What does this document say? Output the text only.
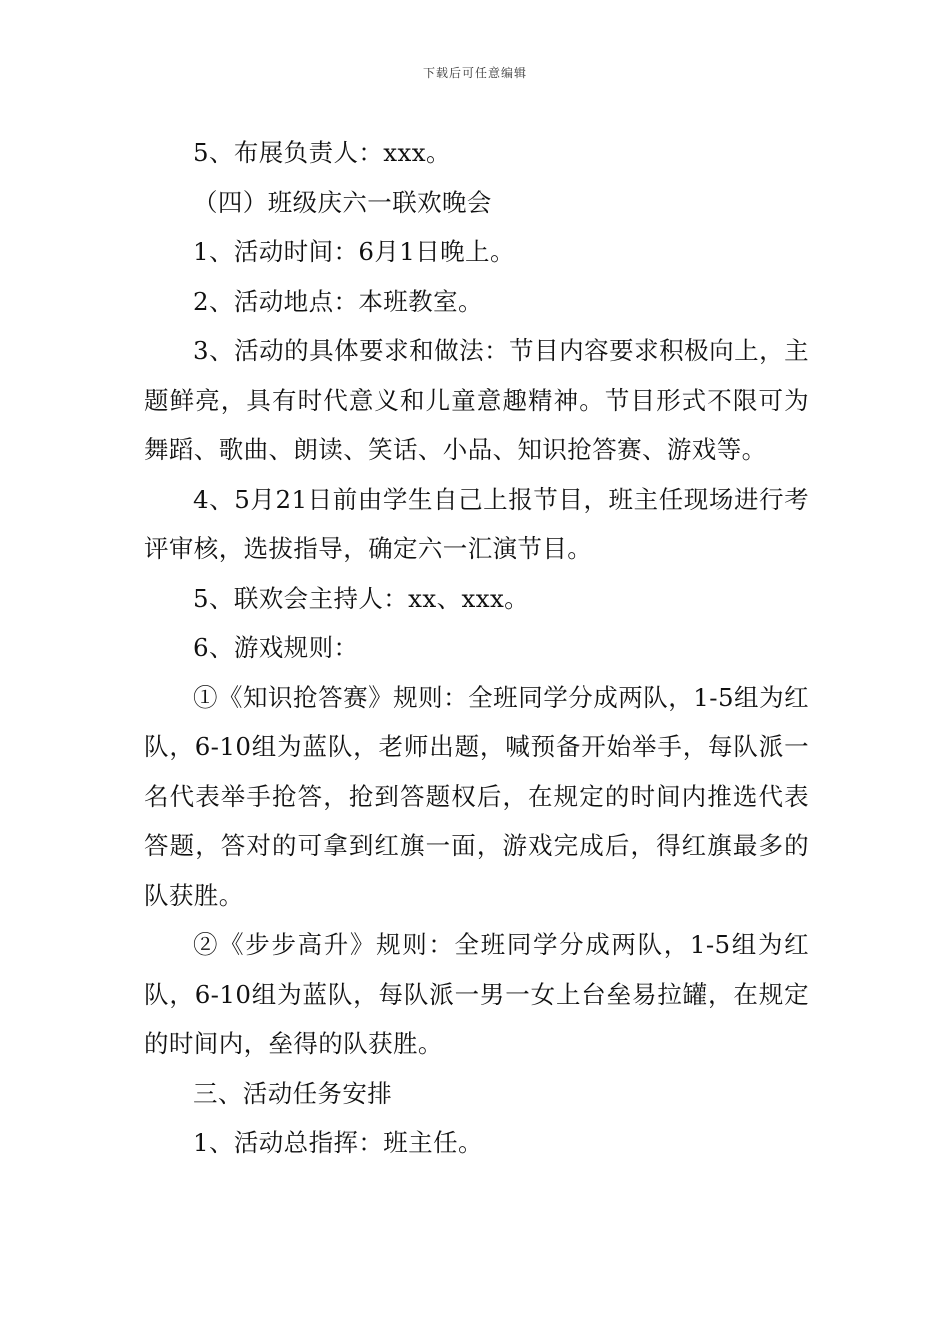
下载后可任意编辑

5、布展负责人：xxx。

（四）班级庆六一联欢晚会

1、活动时间：6月1日晚上。

2、活动地点：本班教室。

3、活动的具体要求和做法：节目内容要求积极向上，主题鲜亮，具有时代意义和儿童意趣精神。节目形式不限可为舞蹈、歌曲、朗读、笑话、小品、知识抢答赛、游戏等。

4、5月21日前由学生自己上报节目，班主任现场进行考评审核，选拔指导，确定六一汇演节目。

5、联欢会主持人：xx、xxx。

6、游戏规则：

①《知识抢答赛》规则：全班同学分成两队，1-5组为红队，6-10组为蓝队，老师出题，喊预备开始举手，每队派一名代表举手抢答，抢到答题权后，在规定的时间内推选代表答题，答对的可拿到红旗一面，游戏完成后，得红旗最多的队获胜。

②《步步高升》规则：全班同学分成两队，1-5组为红队，6-10组为蓝队，每队派一男一女上台垒易拉罐，在规定的时间内，垒得的队获胜。

三、活动任务安排

1、活动总指挥：班主任。
